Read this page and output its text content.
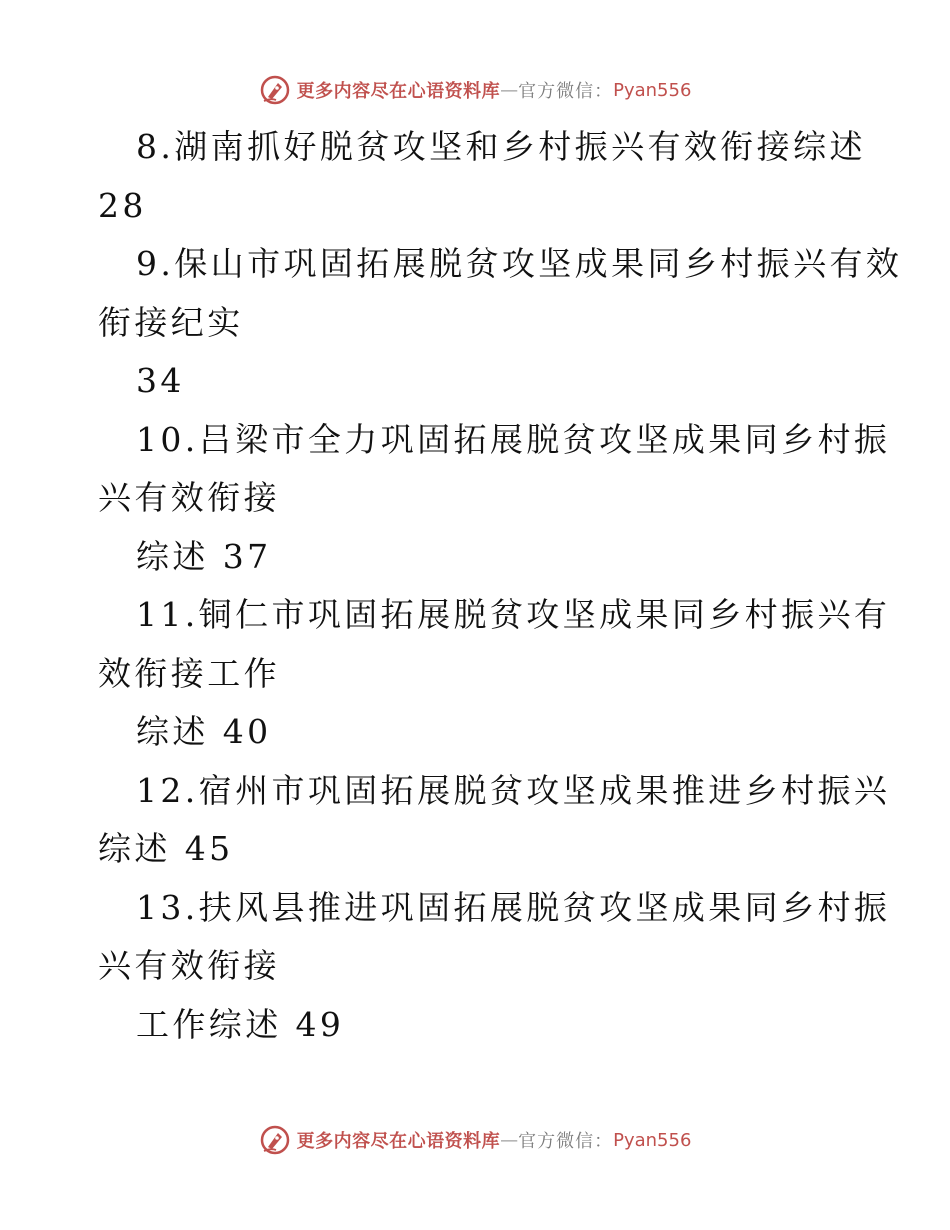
更多内容尽在心语资料库 — 官方微信： Pyan556
8.湖南抓好脱贫攻坚和乡村振兴有效衔接综述
28
9.保山市巩固拓展脱贫攻坚成果同乡村振兴有效
衔接纪实
34
10.吕梁市全力巩固拓展脱贫攻坚成果同乡村振
兴有效衔接
综述 37
11.铜仁市巩固拓展脱贫攻坚成果同乡村振兴有
效衔接工作
综述 40
12.宿州市巩固拓展脱贫攻坚成果推进乡村振兴
综述 45
13.扶风县推进巩固拓展脱贫攻坚成果同乡村振
兴有效衔接
工作综述 49
更多内容尽在心语资料库 — 官方微信： Pyan556
